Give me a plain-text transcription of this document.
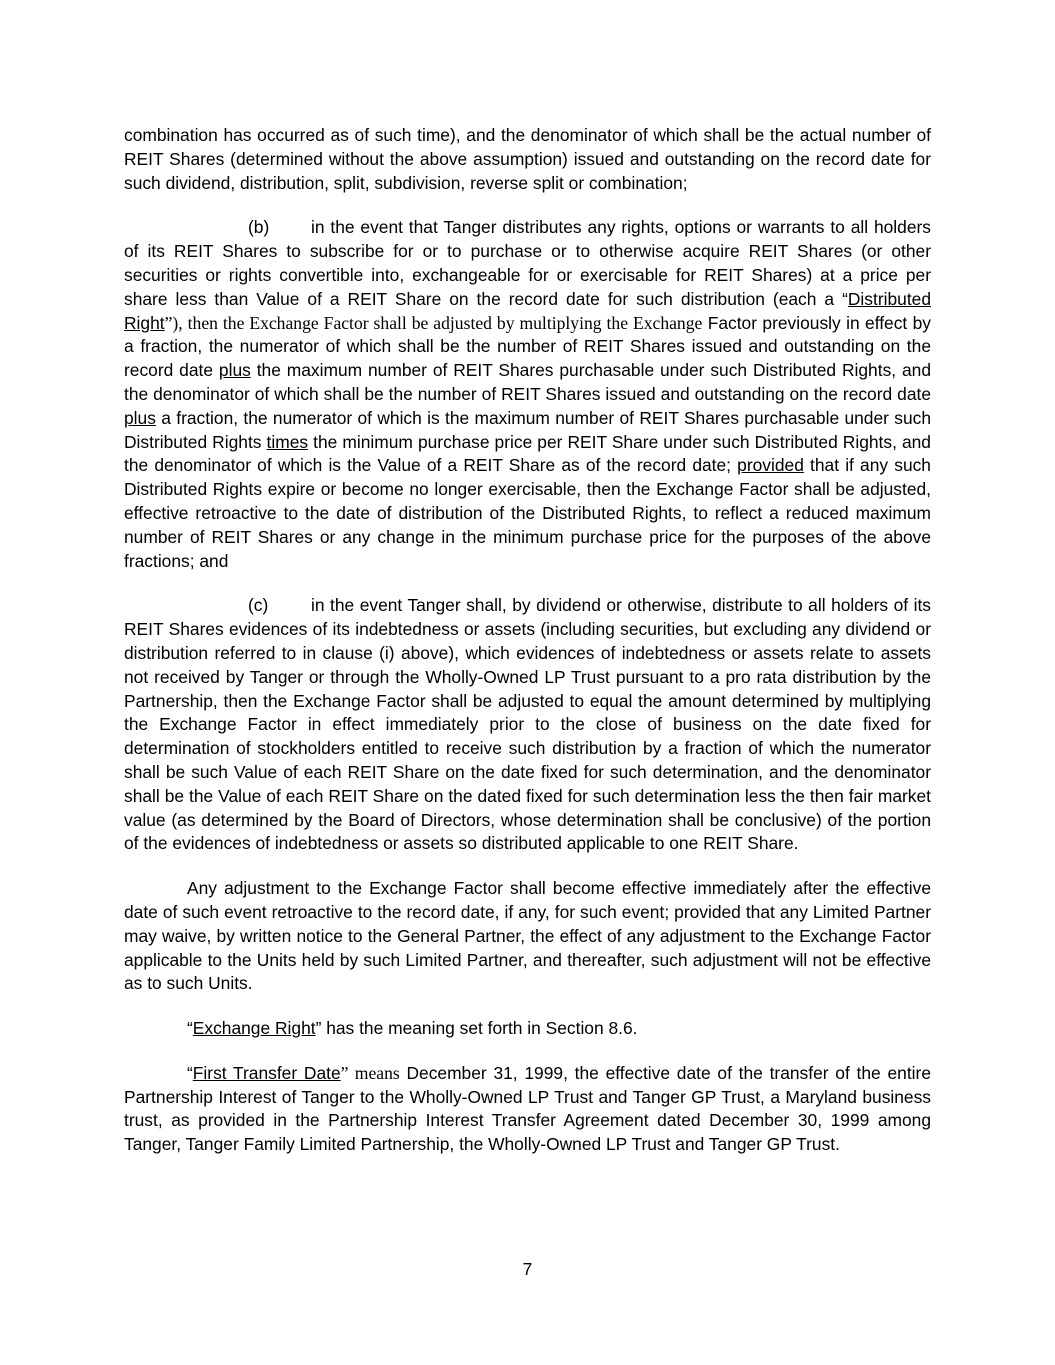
combination has occurred as of such time), and the denominator of which shall be the actual number of REIT Shares (determined without the above assumption) issued and outstanding on the record date for such dividend, distribution, split, subdivision, reverse split or combination;

(b) in the event that Tanger distributes any rights, options or warrants to all holders of its REIT Shares to subscribe for or to purchase or to otherwise acquire REIT Shares (or other securities or rights convertible into, exchangeable for or exercisable for REIT Shares) at a price per share less than Value of a REIT Share on the record date for such distribution (each a “Distributed Right”), then the Exchange Factor shall be adjusted by multiplying the Exchange Factor previously in effect by a fraction, the numerator of which shall be the number of REIT Shares issued and outstanding on the record date plus the maximum number of REIT Shares purchasable under such Distributed Rights, and the denominator of which shall be the number of REIT Shares issued and outstanding on the record date plus a fraction, the numerator of which is the maximum number of REIT Shares purchasable under such Distributed Rights times the minimum purchase price per REIT Share under such Distributed Rights, and the denominator of which is the Value of a REIT Share as of the record date; provided that if any such Distributed Rights expire or become no longer exercisable, then the Exchange Factor shall be adjusted, effective retroactive to the date of distribution of the Distributed Rights, to reflect a reduced maximum number of REIT Shares or any change in the minimum purchase price for the purposes of the above fractions; and

(c) in the event Tanger shall, by dividend or otherwise, distribute to all holders of its REIT Shares evidences of its indebtedness or assets (including securities, but excluding any dividend or distribution referred to in clause (i) above), which evidences of indebtedness or assets relate to assets not received by Tanger or through the Wholly-Owned LP Trust pursuant to a pro rata distribution by the Partnership, then the Exchange Factor shall be adjusted to equal the amount determined by multiplying the Exchange Factor in effect immediately prior to the close of business on the date fixed for determination of stockholders entitled to receive such distribution by a fraction of which the numerator shall be such Value of each REIT Share on the date fixed for such determination, and the denominator shall be the Value of each REIT Share on the dated fixed for such determination less the then fair market value (as determined by the Board of Directors, whose determination shall be conclusive) of the portion of the evidences of indebtedness or assets so distributed applicable to one REIT Share.

Any adjustment to the Exchange Factor shall become effective immediately after the effective date of such event retroactive to the record date, if any, for such event; provided that any Limited Partner may waive, by written notice to the General Partner, the effect of any adjustment to the Exchange Factor applicable to the Units held by such Limited Partner, and thereafter, such adjustment will not be effective as to such Units.

“Exchange Right” has the meaning set forth in Section 8.6.

“First Transfer Date” means December 31, 1999, the effective date of the transfer of the entire Partnership Interest of Tanger to the Wholly-Owned LP Trust and Tanger GP Trust, a Maryland business trust, as provided in the Partnership Interest Transfer Agreement dated December 30, 1999 among Tanger, Tanger Family Limited Partnership, the Wholly-Owned LP Trust and Tanger GP Trust.

7
